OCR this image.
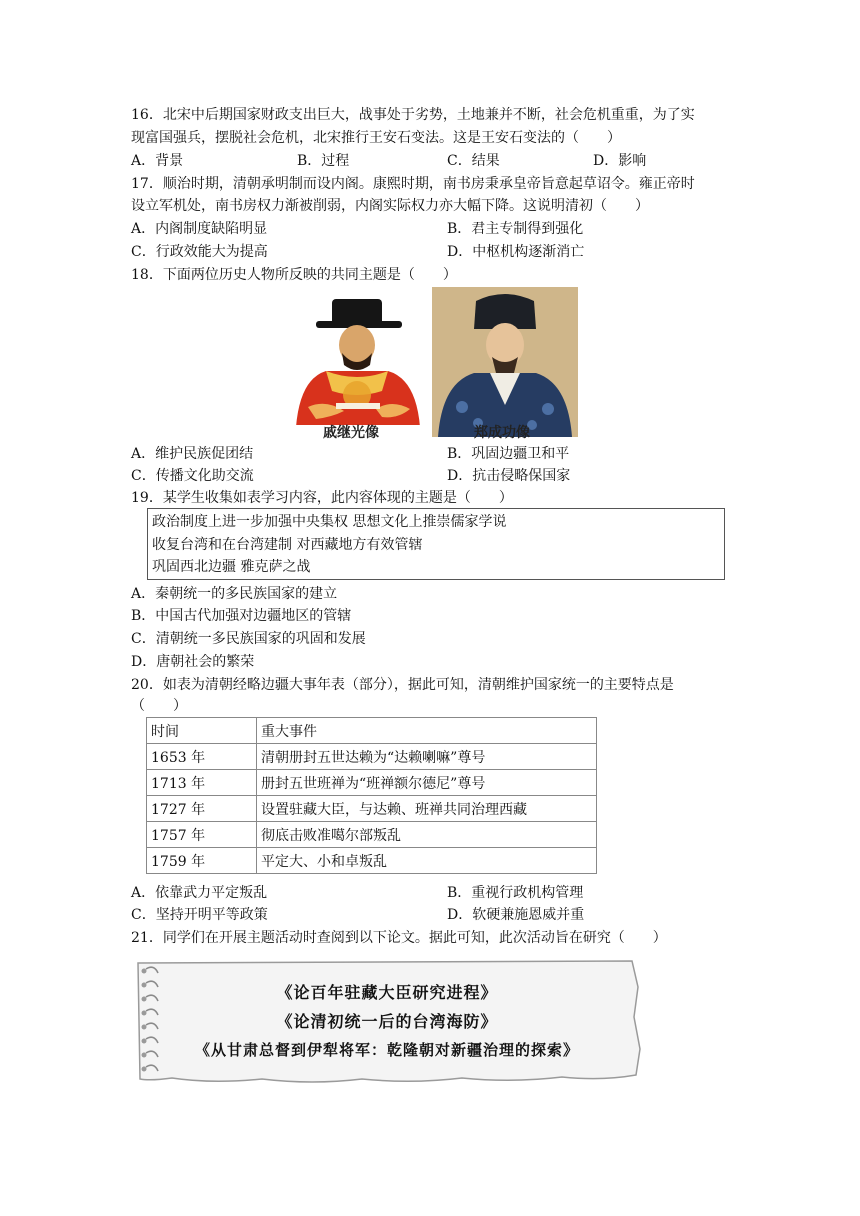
16．北宋中后期国家财政支出巨大，战事处于劣势，土地兼并不断，社会危机重重，为了实
现富国强兵，摆脱社会危机，北宋推行王安石变法。这是王安石变法的（　　）
A．背景	B．过程	C．结果	D．影响
17．顺治时期，清朝承明制而设内阁。康熙时期，南书房秉承皇帝旨意起草诏令。雍正帝时
设立军机处，南书房权力渐被削弱，内阁实际权力亦大幅下降。这说明清初（　　）
A．内阁制度缺陷明显	B．君主专制得到强化
C．行政效能大为提高	D．中枢机构逐渐消亡
18．下面两位历史人物所反映的共同主题是（　　）
戚继光像	郑成功像
A．维护民族促团结	B．巩固边疆卫和平
C．传播文化助交流	D．抗击侵略保国家
19．某学生收集如表学习内容，此内容体现的主题是（　　）
政治制度上进一步加强中央集权 思想文化上推崇儒家学说
收复台湾和在台湾建制 对西藏地方有效管辖
巩固西北边疆 雅克萨之战
A．秦朝统一的多民族国家的建立
B．中国古代加强对边疆地区的管辖
C．清朝统一多民族国家的巩固和发展
D．唐朝社会的繁荣
20．如表为清朝经略边疆大事年表（部分），据此可知，清朝维护国家统一的主要特点是
（　　）
时间	重大事件
1653 年	清朝册封五世达赖为“达赖喇嘛”尊号
1713 年	册封五世班禅为“班禅额尔德尼”尊号
1727 年	设置驻藏大臣，与达赖、班禅共同治理西藏
1757 年	彻底击败准噶尔部叛乱
1759 年	平定大、小和卓叛乱
A．依靠武力平定叛乱	B．重视行政机构管理
C．坚持开明平等政策	D．软硬兼施恩威并重
21．同学们在开展主题活动时查阅到以下论文。据此可知，此次活动旨在研究（　　）
《论百年驻藏大臣研究进程》
《论清初统一后的台湾海防》
《从甘肃总督到伊犁将军：乾隆朝对新疆治理的探索》
